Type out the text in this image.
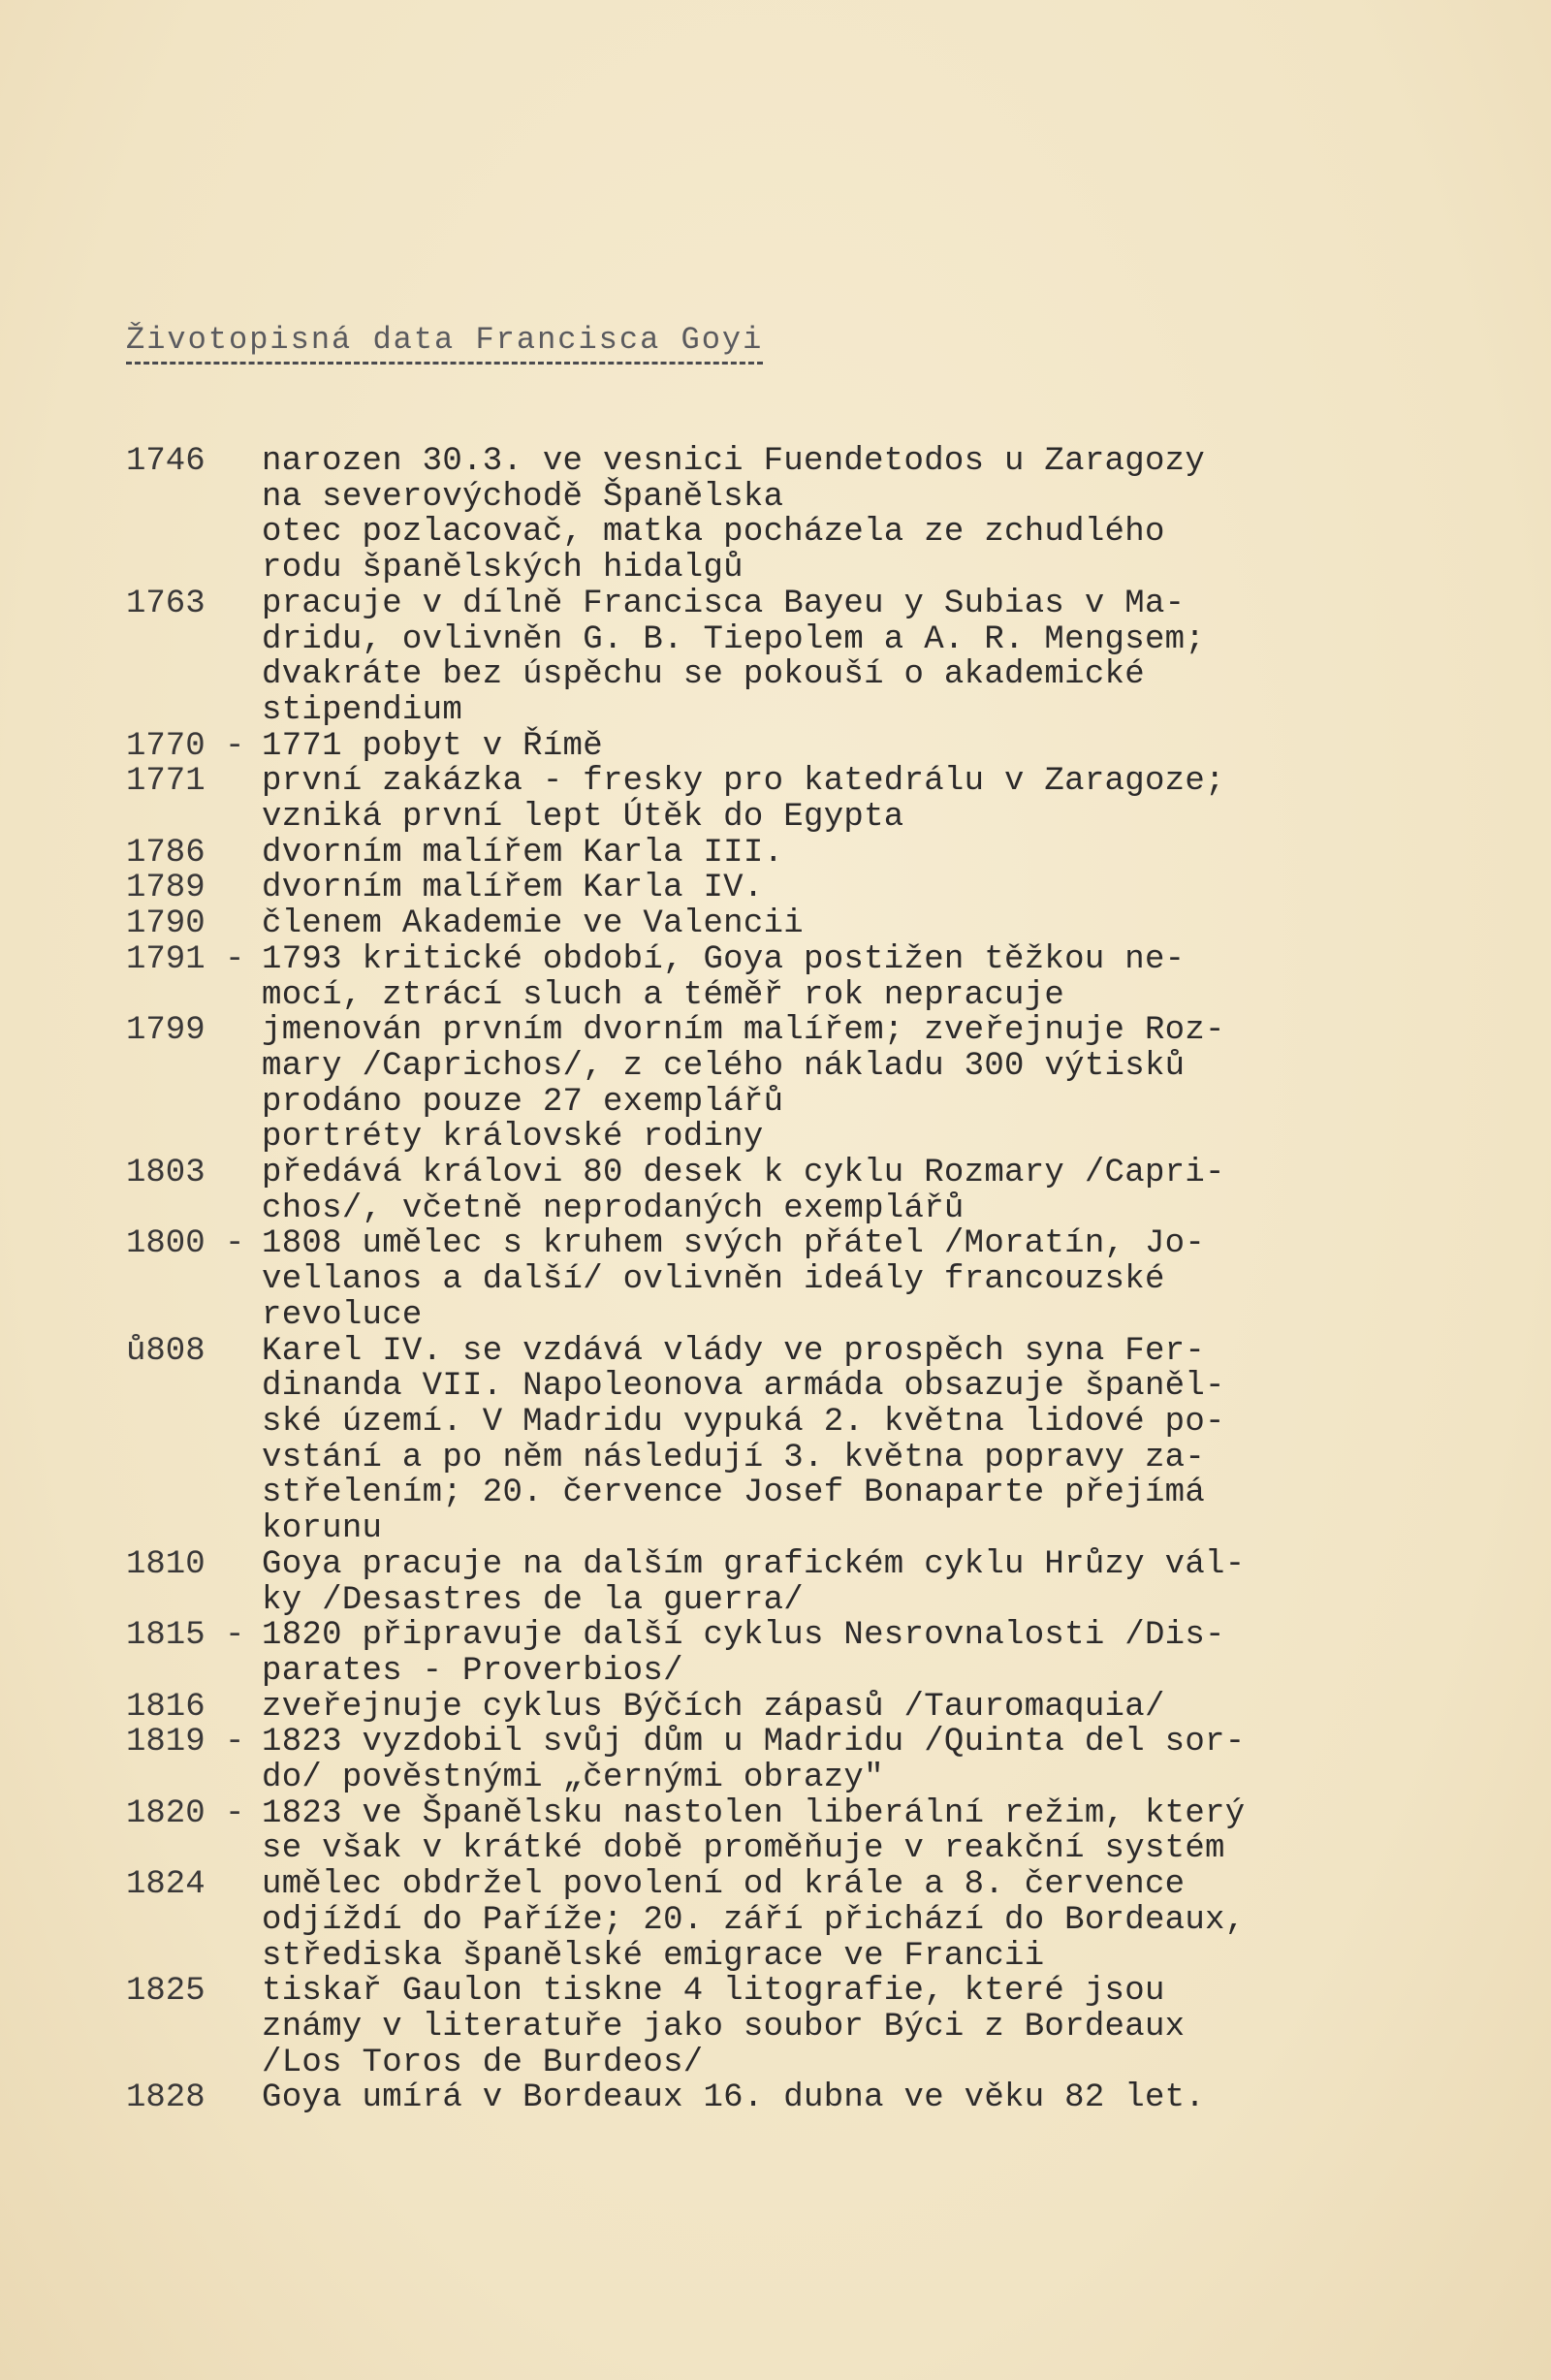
Životopisná data Francisca Goyi
1746	narozen 30.3. ve vesnici Fuendetodos u Zaragozy
na severovýchodě Španělska
otec pozlacovač, matka pocházela ze zchudlého
rodu španělských hidalgů
1763	pracuje v dílně Francisca Bayeu y Subias v Ma-
dridu, ovlivněn G. B. Tiepolem a A. R. Mengsem;
dvakráte bez úspěchu se pokouší o akademické
stipendium
1770 - 1771 pobyt v Římě
1771	první zakázka - fresky pro katedrálu v Zaragoze;
vzniká první lept Útěk do Egypta
1786	dvorním malířem Karla III.
1789	dvorním malířem Karla IV.
1790	členem Akademie ve Valencii
1791 - 1793 kritické období, Goya postižen těžkou ne-
mocí, ztrácí sluch a téměř rok nepracuje
1799	jmenován prvním dvorním malířem; zveřejnuje Roz-
mary /Caprichos/, z celého nákladu 300 výtisků
prodáno pouze 27 exemplářů
portréty královské rodiny
1803	předává královi 80 desek k cyklu Rozmary /Capri-
chos/, včetně neprodaných exemplářů
1800 - 1808 umělec s kruhem svých přátel /Moratín, Jo-
vellanos a další/ ovlivněn ideály francouzské
revoluce
ů808	Karel IV. se vzdává vlády ve prospěch syna Fer-
dinanda VII. Napoleonova armáda obsazuje španěl-
ské území. V Madridu vypuká 2. května lidové po-
vstání a po něm následují 3. května popravy za-
střelením; 20. července Josef Bonaparte přejímá
korunu
1810	Goya pracuje na dalším grafickém cyklu Hrůzy vál-
ky /Desastres de la guerra/
1815 - 1820 připravuje další cyklus Nesrovnalosti /Dis-
parates - Proverbios/
1816	zveřejnuje cyklus Býčích zápasů /Tauromaquia/
1819 - 1823 vyzdobil svůj dům u Madridu /Quinta del sor-
do/ pověstnými „černými obrazy"
1820 - 1823 ve Španělsku nastolen liberální režim, který
se však v krátké době proměňuje v reakční systém
1824	umělec obdržel povolení od krále a 8. července
odjíždí do Paříže; 20. září přichází do Bordeaux,
střediska španělské emigrace ve Francii
1825	tiskař Gaulon tiskne 4 litografie, které jsou
známy v literatuře jako soubor Býci z Bordeaux
/Los Toros de Burdeos/
1828	Goya umírá v Bordeaux 16. dubna ve věku 82 let.
